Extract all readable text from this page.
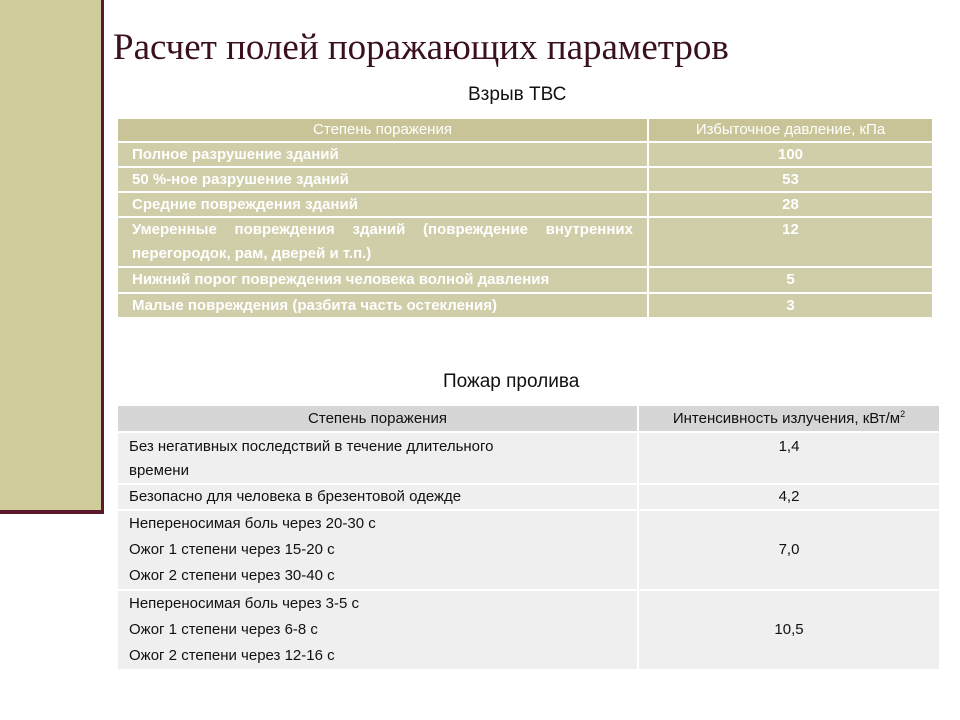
Расчет полей поражающих параметров
Взрыв ТВС
Степень поражения	Избыточное давление, кПа
Полное разрушение зданий	100
50 %-ное разрушение зданий	53
Средние повреждения зданий	28
Умеренные повреждения зданий (повреждение внутренних перегородок, рам, дверей и т.п.)	12
Нижний порог повреждения человека волной давления	5
Малые повреждения (разбита часть остекления)	3
Пожар пролива
Степень поражения	Интенсивность излучения, кВт/$м^2$

Без негативных последствий в течение длительного
времени	1,4

Безопасно для человека в брезентовой одежде	4,2

Непереносимая боль через 20-30 с
Ожог 1 степени через 15-20 с
Ожог 2 степени через 30-40 с	7,0

Непереносимая боль через 3-5 с
Ожог 1 степени через 6-8 с
Ожог 2 степени через 12-16 с	10,5
